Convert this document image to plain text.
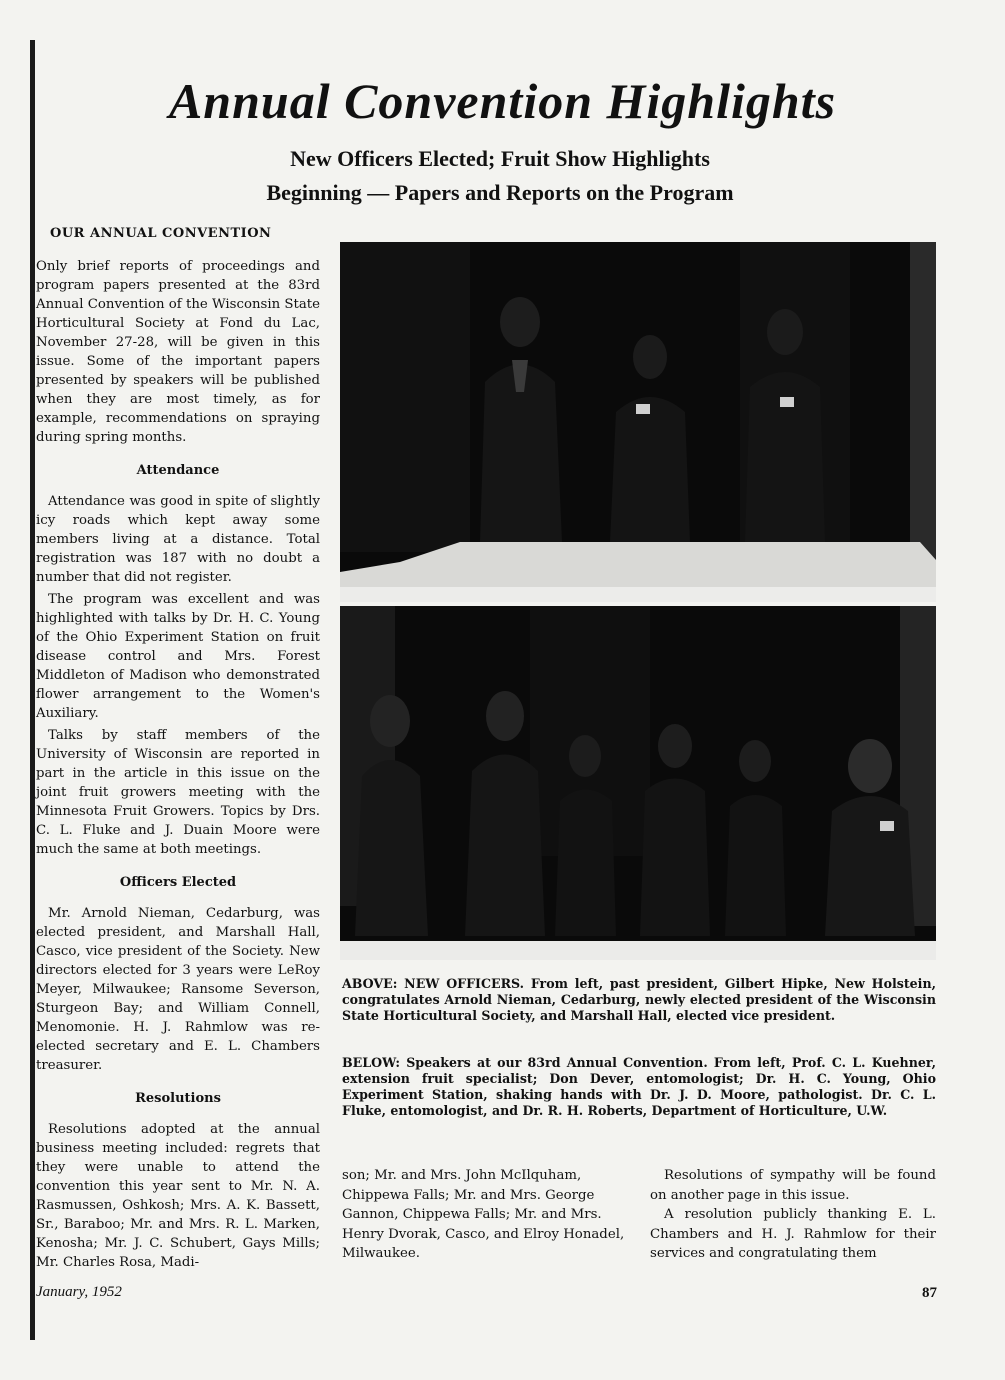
Annual Convention Highlights

New Officers Elected; Fruit Show Highlights

Beginning — Papers and Reports on the Program

OUR ANNUAL CONVENTION

Only brief reports of proceedings and program papers presented at the 83rd Annual Convention of the Wisconsin State Horticultural Society at Fond du Lac, November 27-28, will be given in this issue. Some of the important papers presented by speakers will be published when they are most timely, as for example, recommendations on spraying during spring months.

Attendance

Attendance was good in spite of slightly icy roads which kept away some members living at a distance. Total registration was 187 with no doubt a number that did not register.

The program was excellent and was highlighted with talks by Dr. H. C. Young of the Ohio Experiment Station on fruit disease control and Mrs. Forest Middleton of Madison who demonstrated flower arrangement to the Women's Auxiliary.

Talks by staff members of the University of Wisconsin are reported in part in the article in this issue on the joint fruit growers meeting with the Minnesota Fruit Growers. Topics by Drs. C. L. Fluke and J. Duain Moore were much the same at both meetings.

Officers Elected

Mr. Arnold Nieman, Cedarburg, was elected president, and Marshall Hall, Casco, vice president of the Society. New directors elected for 3 years were LeRoy Meyer, Milwaukee; Ransome Severson, Sturgeon Bay; and William Connell, Menomonie. H. J. Rahmlow was re-elected secretary and E. L. Chambers treasurer.

Resolutions

Resolutions adopted at the annual business meeting included: regrets that they were unable to attend the convention this year sent to Mr. N. A. Rasmussen, Oshkosh; Mrs. A. K. Bassett, Sr., Baraboo; Mr. and Mrs. R. L. Marken, Kenosha; Mr. J. C. Schubert, Gays Mills; Mr. Charles Rosa, Madi-

ABOVE: NEW OFFICERS. From left, past president, Gilbert Hipke, New Holstein, congratulates Arnold Nieman, Cedarburg, newly elected president of the Wisconsin State Horticultural Society, and Marshall Hall, elected vice president.

BELOW: Speakers at our 83rd Annual Convention. From left, Prof. C. L. Kuehner, extension fruit specialist; Don Dever, entomologist; Dr. H. C. Young, Ohio Experiment Station, shaking hands with Dr. J. D. Moore, pathologist. Dr. C. L. Fluke, entomologist, and Dr. R. H. Roberts, Department of Horticulture, U.W.

son; Mr. and Mrs. John McIlquham, Chippewa Falls; Mr. and Mrs. George Gannon, Chippewa Falls; Mr. and Mrs. Henry Dvorak, Casco, and Elroy Honadel, Milwaukee.

Resolutions of sympathy will be found on another page in this issue.

A resolution publicly thanking E. L. Chambers and H. J. Rahmlow for their services and congratulating them

January, 1952	87
